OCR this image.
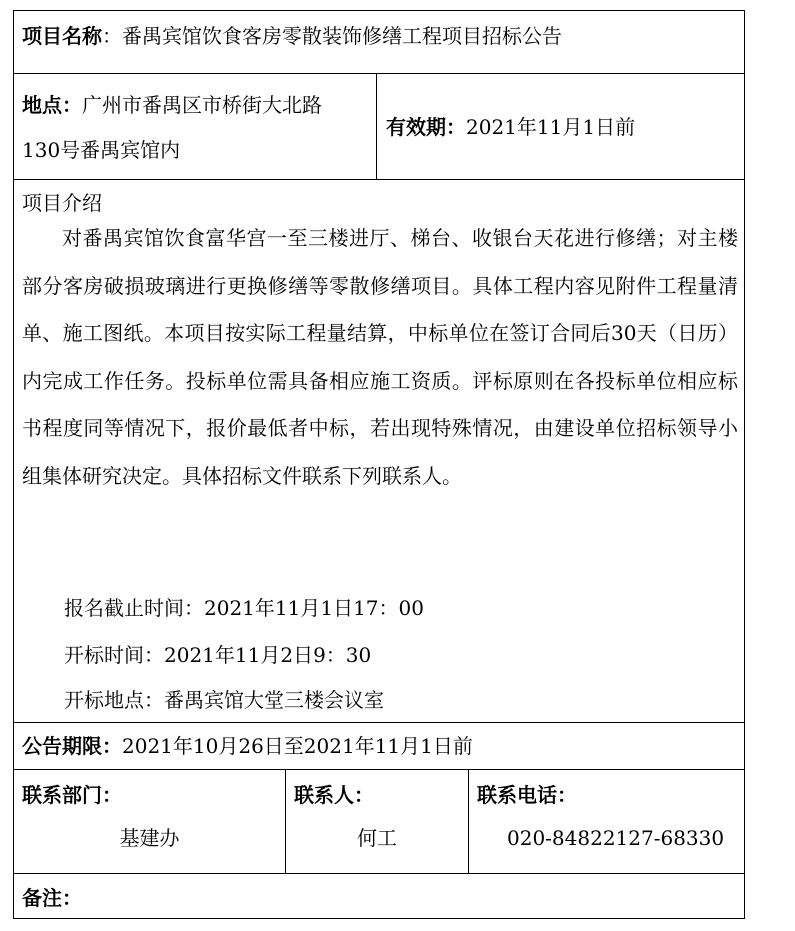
项目名称：番禺宾馆饮食客房零散装饰修缮工程项目招标公告
地点：广州市番禺区市桥街大北路
130号番禺宾馆内
有效期：2021年11月1日前
项目介绍
对番禺宾馆饮食富华宫一至三楼进厅、梯台、收银台天花进行修缮；对主楼部分客房破损玻璃进行更换修缮等零散修缮项目。具体工程内容见附件工程量清单、施工图纸。本项目按实际工程量结算，中标单位在签订合同后30天（日历）内完成工作任务。投标单位需具备相应施工资质。评标原则在各投标单位相应标书程度同等情况下，报价最低者中标，若出现特殊情况，由建设单位招标领导小组集体研究决定。具体招标文件联系下列联系人。
报名截止时间：2021年11月1日17：00
开标时间：2021年11月2日9：30
开标地点：番禺宾馆大堂三楼会议室
公告期限：2021年10月26日至2021年11月1日前
联系部门：
基建办
联系人：
何工
联系电话：
020-84822127-68330
备注：
